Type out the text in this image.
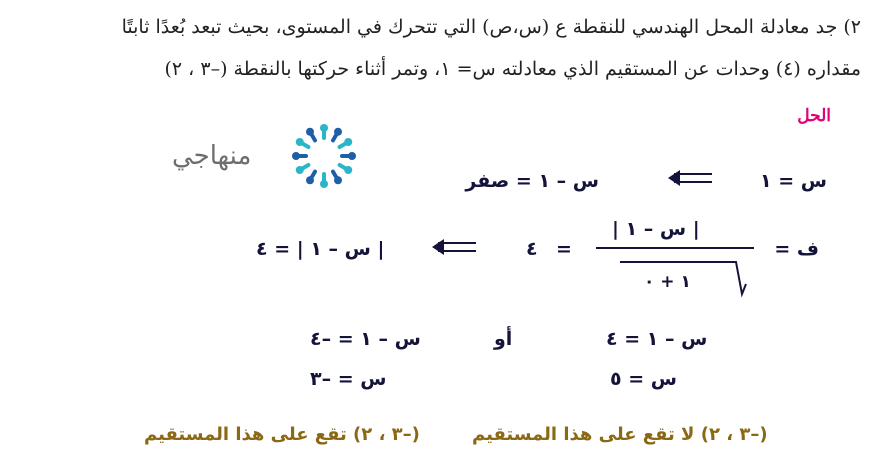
٢) جد معادلة المحل الهندسي للنقطة ع (س،ص) التي تتحرك في المستوى، بحيث تبعد بُعدًا ثابتًا
مقداره (٤) وحدات عن المستقيم الذي معادلته س= ١، وتمر أثناء حركتها بالنقطة (–٣ ، ٢)
الحل
منهاجي
س = ١
س – ١ = صفر
ف =
| س – ١ |
١ + ٠
=
٤
| س – ١ | = ٤
س – ١ = ٤
أو
س – ١ = –٤
س = ٥
س = –٣
(–٣ ، ٢) لا تقع على هذا المستقيم
(–٣ ، ٢) تقع على هذا المستقيم
